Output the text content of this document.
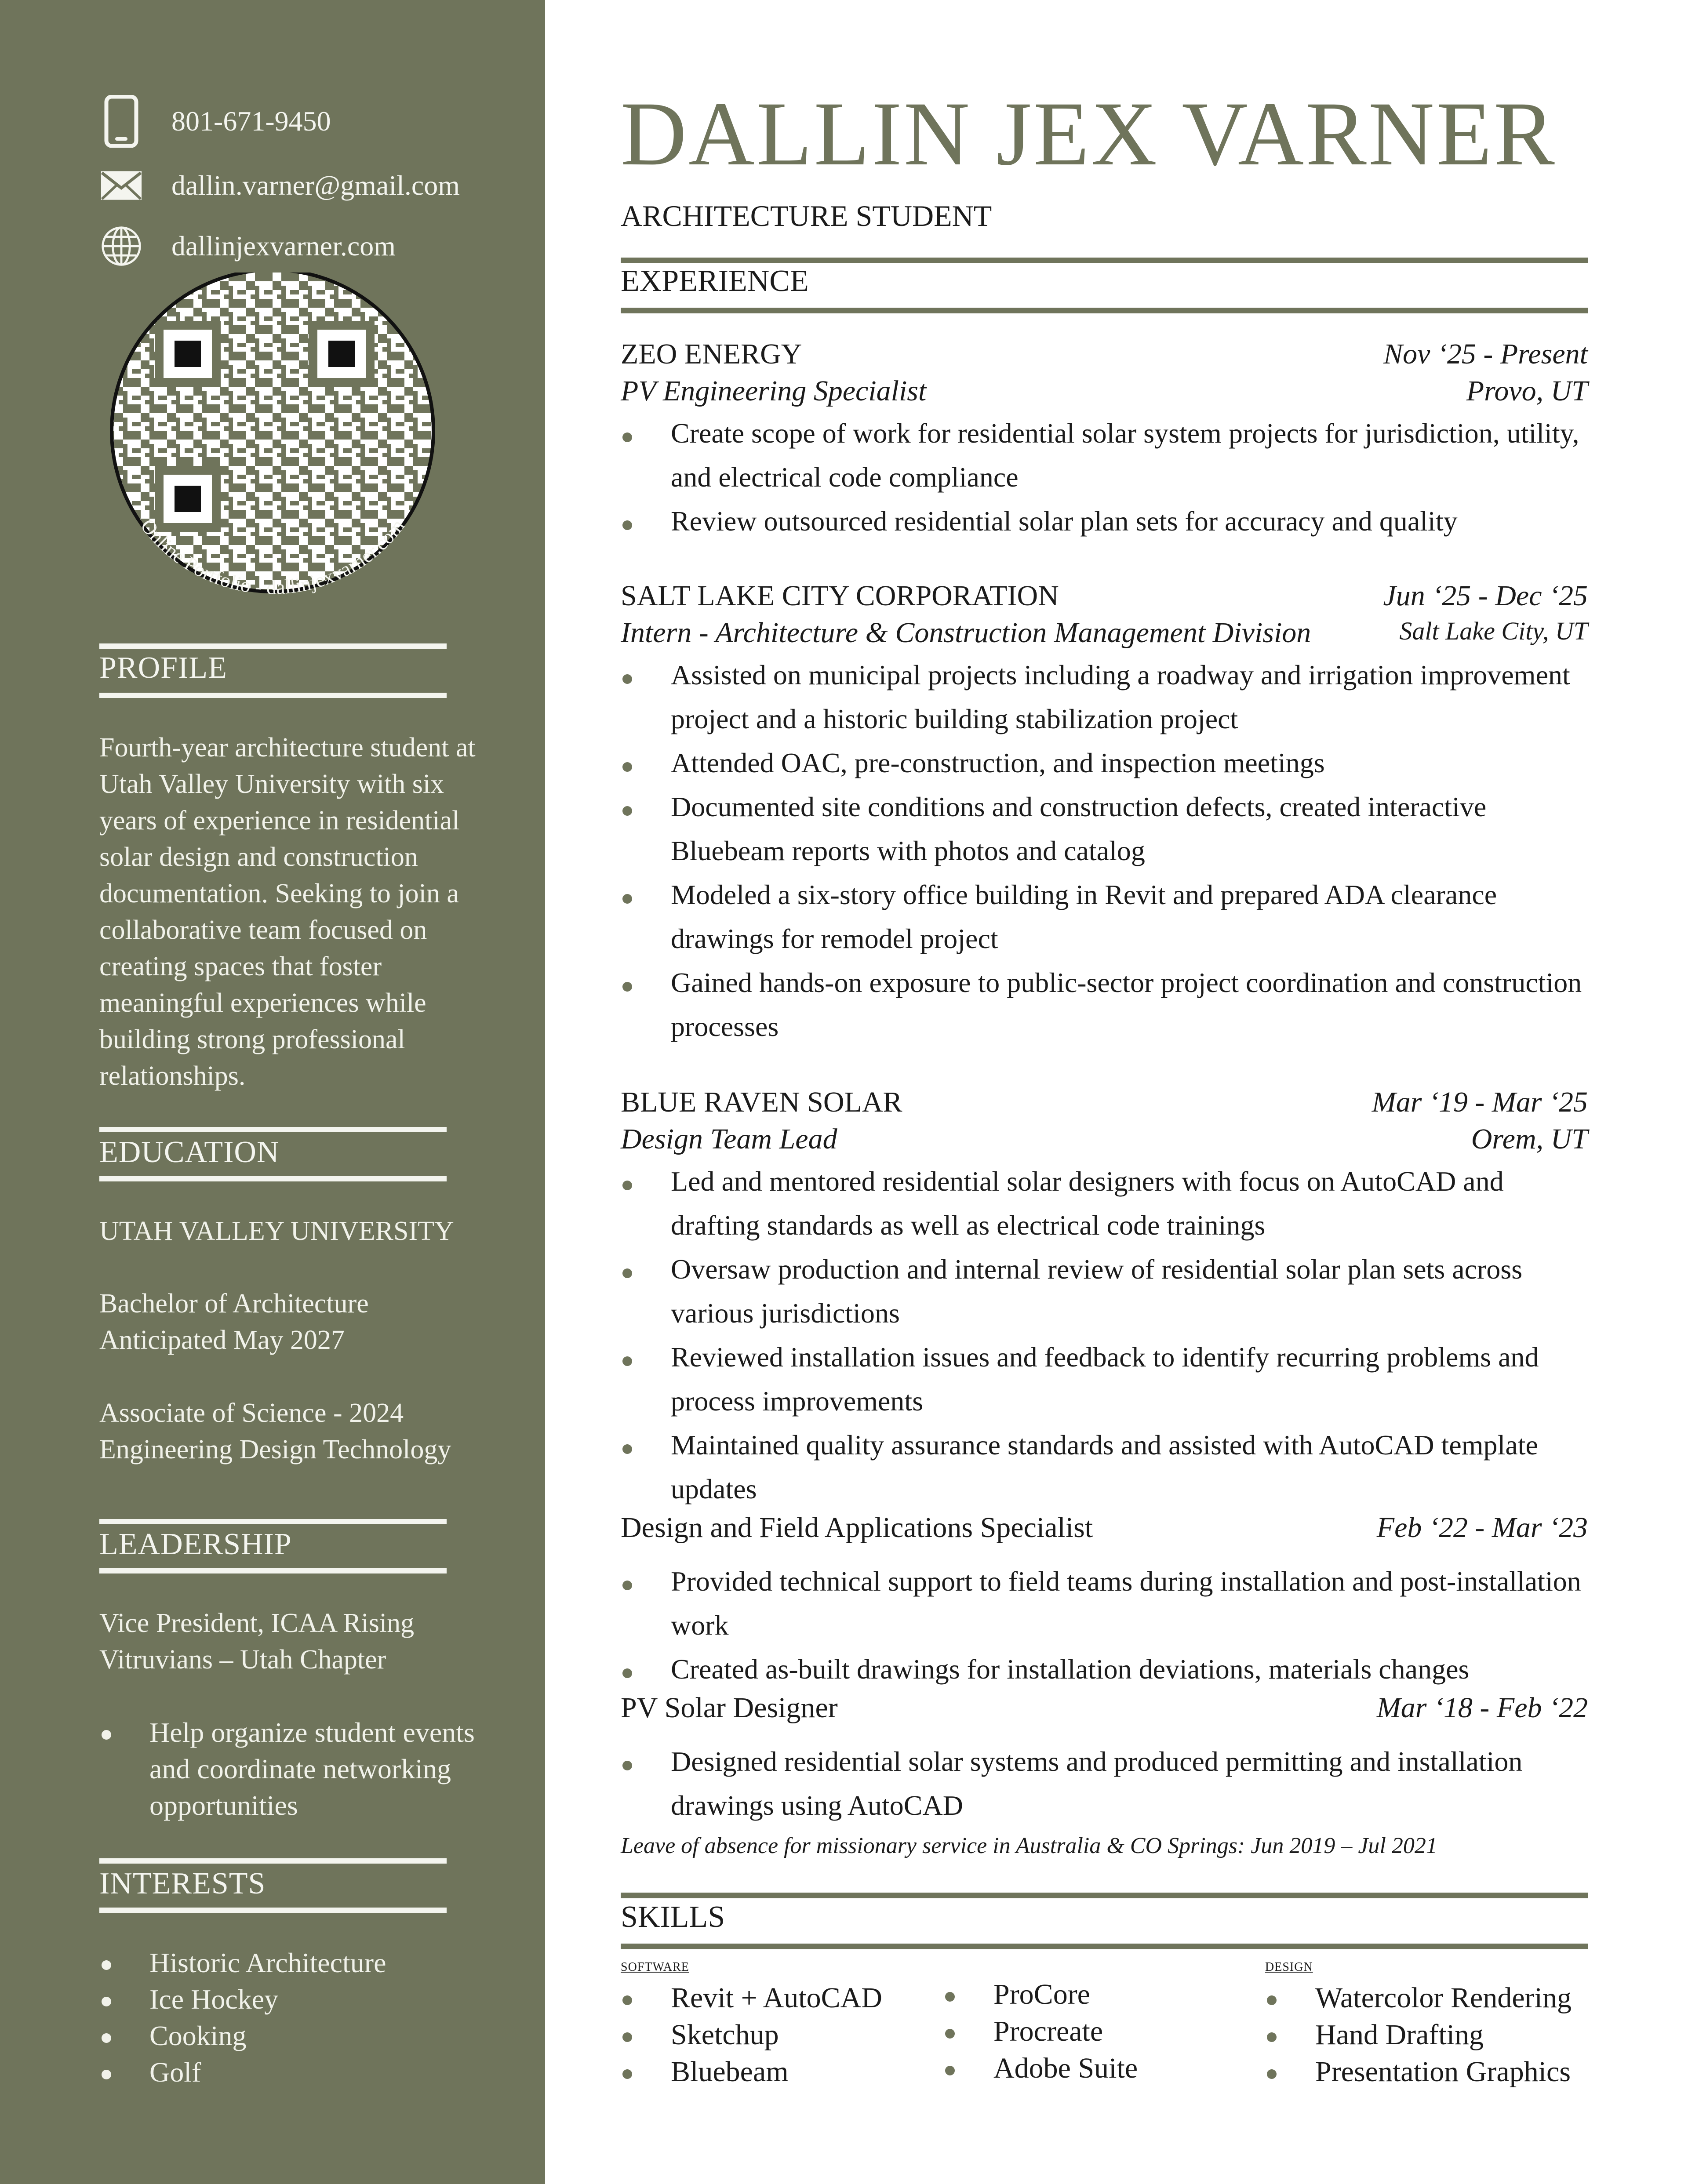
801-671-9450
dallin.varner@gmail.com
dallinjexvarner.com
Online Portfolio - dallinjexvarner.com
PROFILE
Fourth-year architecture student at Utah Valley University with six years of experience in residential solar design and construction documentation. Seeking to join a collaborative team focused on creating spaces that foster meaningful experiences while building strong professional relationships.
EDUCATION
UTAH VALLEY UNIVERSITY
Bachelor of Architecture
Anticipated May 2027
Associate of Science - 2024
Engineering Design Technology
LEADERSHIP
Vice President, ICAA Rising
Vitruvians – Utah Chapter
Help organize student events and coordinate networking opportunities
INTERESTS
Historic Architecture
Ice Hockey
Cooking
Golf
DALLIN JEX VARNER
ARCHITECTURE STUDENT
EXPERIENCE
ZEO ENERGY	Nov ‘25 - Present
PV Engineering Specialist	Provo, UT
Create scope of work for residential solar system projects for jurisdiction, utility, and electrical code compliance
Review outsourced residential solar plan sets for accuracy and quality
SALT LAKE CITY CORPORATION	Jun ‘25 - Dec ‘25
Intern - Architecture & Construction Management Division	Salt Lake City, UT
Assisted on municipal projects including a roadway and irrigation improvement project and a historic building stabilization project
Attended OAC, pre-construction, and inspection meetings
Documented site conditions and construction defects, created interactive Bluebeam reports with photos and catalog
Modeled a six-story office building in Revit and prepared ADA clearance drawings for remodel project
Gained hands-on exposure to public-sector project coordination and construction processes
BLUE RAVEN SOLAR	Mar ‘19 - Mar ‘25
Design Team Lead	Orem, UT
Led and mentored residential solar designers with focus on AutoCAD and drafting standards as well as electrical code trainings
Oversaw production and internal review of residential solar plan sets across various jurisdictions
Reviewed installation issues and feedback to identify recurring problems and process improvements
Maintained quality assurance standards and assisted with AutoCAD template updates
Design and Field Applications Specialist	Feb ‘22 - Mar ‘23
Provided technical support to field teams during installation and post-installation work
Created as-built drawings for installation deviations, materials changes
PV Solar Designer	Mar ‘18 - Feb ‘22
Designed residential solar systems and produced permitting and installation drawings using AutoCAD
Leave of absence for missionary service in Australia & CO Springs: Jun 2019 – Jul 2021
SKILLS
SOFTWARE
Revit + AutoCAD
Sketchup
Bluebeam
ProCore
Procreate
Adobe Suite
DESIGN
Watercolor Rendering
Hand Drafting
Presentation Graphics
